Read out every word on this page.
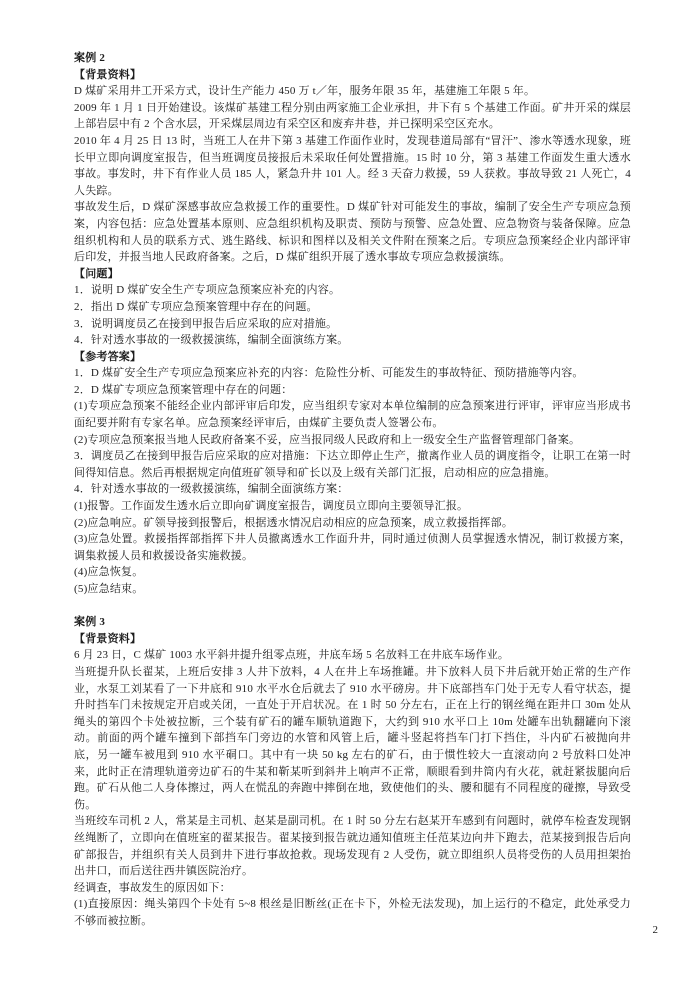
案例 2

【背景资料】

D 煤矿采用井工开采方式，设计生产能力 450 万 t／年，服务年限 35 年，基建施工年限 5 年。

2009 年 1 月 1 日开始建设。该煤矿基建工程分别由两家施工企业承担，井下有 5 个基建工作面。矿井开采的煤层上部岩层中有 2 个含水层，开采煤层周边有采空区和废弃井巷，并已探明采空区充水。

2010 年 4 月 25 日 13 时，当班工人在井下第 3 基建工作面作业时，发现巷道局部有“冒汗”、渗水等透水现象，班长甲立即向调度室报告，但当班调度员接报后未采取任何处置措施。15 时 10 分，第 3 基建工作面发生重大透水事故。事发时，井下有作业人员 185 人，紧急升井 101 人。经 3 天奋力救援，59 人获救。事故导致 21 人死亡，4 人失踪。

事故发生后，D 煤矿深感事故应急救援工作的重要性。D 煤矿针对可能发生的事故，编制了安全生产专项应急预案，内容包括：应急处置基本原则、应急组织机构及职责、预防与预警、应急处置、应急物资与装备保障。应急组织机构和人员的联系方式、逃生路线、标识和图样以及相关文件附在预案之后。专项应急预案经企业内部评审后印发，并报当地人民政府备案。之后，D 煤矿组织开展了透水事故专项应急救援演练。

【问题】

1．说明 D 煤矿安全生产专项应急预案应补充的内容。

2．指出 D 煤矿专项应急预案管理中存在的问题。

3．说明调度员乙在接到甲报告后应采取的应对措施。

4．针对透水事故的一级救援演练，编制全面演练方案。

【参考答案】

1．D 煤矿安全生产专项应急预案应补充的内容：危险性分析、可能发生的事故特征、预防措施等内容。

2．D 煤矿专项应急预案管理中存在的问题：

(1)专项应急预案不能经企业内部评审后印发，应当组织专家对本单位编制的应急预案进行评审，评审应当形成书面纪要并附有专家名单。应急预案经评审后，由煤矿主要负责人签署公布。

(2)专项应急预案报当地人民政府备案不妥，应当报同级人民政府和上一级安全生产监督管理部门备案。

3．调度员乙在接到甲报告后应采取的应对措施：下达立即停止生产，撤离作业人员的调度指令，让职工在第一时间得知信息。然后再根据规定向值班矿领导和矿长以及上级有关部门汇报，启动相应的应急措施。

4．针对透水事故的一级救援演练，编制全面演练方案：

(1)报警。工作面发生透水后立即向矿调度室报告，调度员立即向主要领导汇报。

(2)应急响应。矿领导接到报警后，根据透水情况启动相应的应急预案，成立救援指挥部。

(3)应急处置。救援指挥部指挥下井人员撤离透水工作面升井，同时通过侦测人员掌握透水情况，制订救援方案，调集救援人员和救援设备实施救援。

(4)应急恢复。

(5)应急结束。

案例 3

【背景资料】

6 月 23 日，C 煤矿 1003 水平斜井提升组零点班，井底车场 5 名放料工在井底车场作业。

当班提升队长翟某，上班后安排 3 人井下放料，4 人在井上车场推罐。井下放料人员下井后就开始正常的生产作业，水泵工刘某看了一下井底和 910 水平水仓后就去了 910 水平磅房。井下底部挡车门处于无专人看守状态，提升时挡车门未按规定开启或关闭，一直处于开启状况。在 1 时 50 分左右，正在上行的钢丝绳在距井口 30m 处从绳头的第四个卡处被拉断，三个装有矿石的罐车顺轨道跑下，大约到 910 水平口上 10m 处罐车出轨翻罐向下滚动。前面的两个罐车撞到下部挡车门旁边的水管和风管上后，罐斗竖起将挡车门打下挡住，斗内矿石被抛向井底，另一罐车被甩到 910 水平硐口。其中有一块 50 kg 左右的矿石，由于惯性较大一直滚动向 2 号放料口处冲来，此时正在清理轨道旁边矿石的牛某和靳某听到斜井上响声不正常，顺眼看到井筒内有火花，就赶紧拔腿向后跑。矿石从他二人身体擦过，两人在慌乱的奔跑中摔倒在地，致使他们的头、腰和腿有不同程度的碰擦，导致受伤。

当班绞车司机 2 人，常某是主司机、赵某是副司机。在 1 时 50 分左右赵某开车感到有问题时，就停车检查发现钢丝绳断了，立即向在值班室的翟某报告。翟某接到报告就边通知值班主任范某边向井下跑去，范某接到报告后向矿部报告，并组织有关人员到井下进行事故抢救。现场发现有 2 人受伤，就立即组织人员将受伤的人员用担架抬出井口，而后送往西井镇医院治疗。

经调查，事故发生的原因如下：

(1)直接原因：绳头第四个卡处有 5~8 根丝是旧断丝(正在卡下，外检无法发现)，加上运行的不稳定，此处承受力不够而被拉断。

2
